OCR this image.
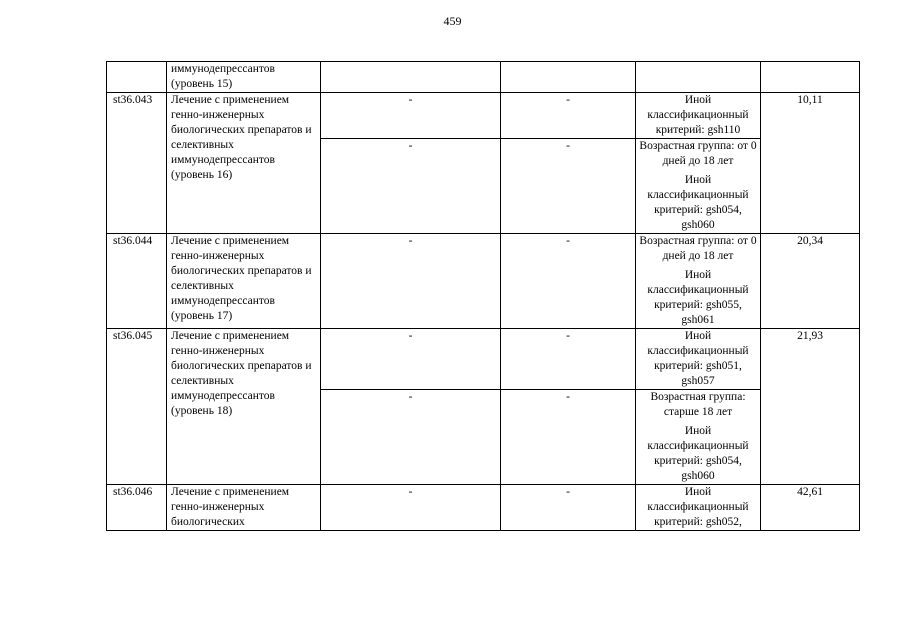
459
	иммунодепрессантов (уровень 15)				
st36.043	Лечение с применением генно-инженерных биологических препаратов и селективных иммунодепрессантов (уровень 16)	-	-	Иной классификационный критерий: gsh110	10,11
		-	-	Возрастная группа: от 0 дней до 18 лет
Иной классификационный критерий: gsh054, gsh060	

st36.044	Лечение с применением генно-инженерных биологических препаратов и селективных иммунодепрессантов (уровень 17)	-	-	Возрастная группа: от 0 дней до 18 лет
Иной классификационный критерий: gsh055, gsh061	20,34
st36.045	Лечение с применением генно-инженерных биологических препаратов и селективных иммунодепрессантов (уровень 18)	-	-	Иной классификационный критерий: gsh051, gsh057	21,93
		-	-	Возрастная группа: старше 18 лет
Иной классификационный критерий: gsh054, gsh060	

st36.046	Лечение с применением генно-инженерных биологических	-	-	Иной классификационный критерий: gsh052,	42,61
